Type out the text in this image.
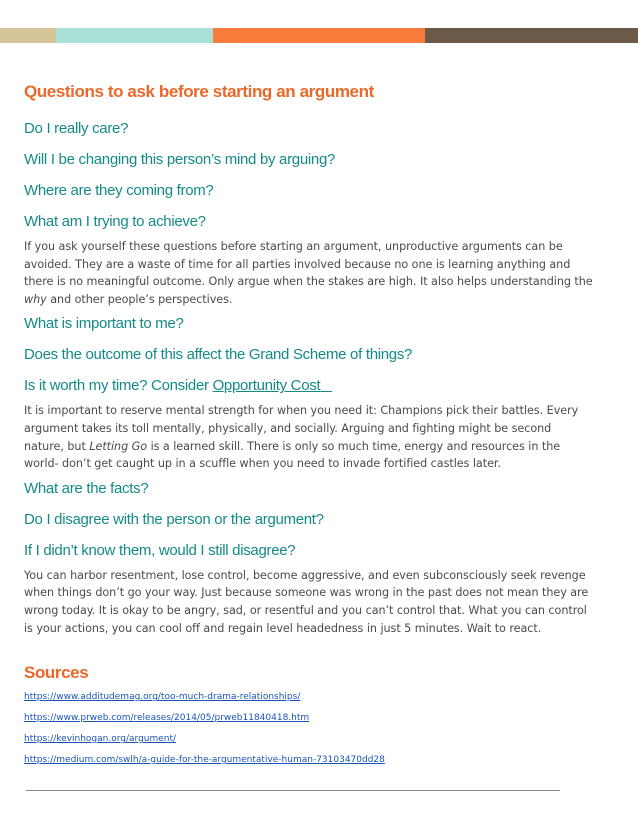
Questions to ask before starting an argument

Do I really care?

Will I be changing this person’s mind by arguing?

Where are they coming from?

What am I trying to achieve?

If you ask yourself these questions before starting an argument, unproductive arguments can be avoided. They are a waste of time for all parties involved because no one is learning anything and there is no meaningful outcome. Only argue when the stakes are high. It also helps understanding the why and other people’s perspectives.

What is important to me?

Does the outcome of this affect the Grand Scheme of things?

Is it worth my time? Consider Opportunity Cost

It is important to reserve mental strength for when you need it: Champions pick their battles. Every argument takes its toll mentally, physically, and socially. Arguing and fighting might be second nature, but Letting Go is a learned skill. There is only so much time, energy and resources in the world- don’t get caught up in a scuffle when you need to invade fortified castles later.

What are the facts?

Do I disagree with the person or the argument?

If I didn’t know them, would I still disagree?

You can harbor resentment, lose control, become aggressive, and even subconsciously seek revenge when things don’t go your way. Just because someone was wrong in the past does not mean they are wrong today. It is okay to be angry, sad, or resentful and you can’t control that. What you can control is your actions, you can cool off and regain level headedness in just 5 minutes. Wait to react.

Sources

https://www.additudemag.org/too-much-drama-relationships/

https://www.prweb.com/releases/2014/05/prweb11840418.htm

https://kevinhogan.org/argument/

https://medium.com/swlh/a-guide-for-the-argumentative-human-73103470dd28
